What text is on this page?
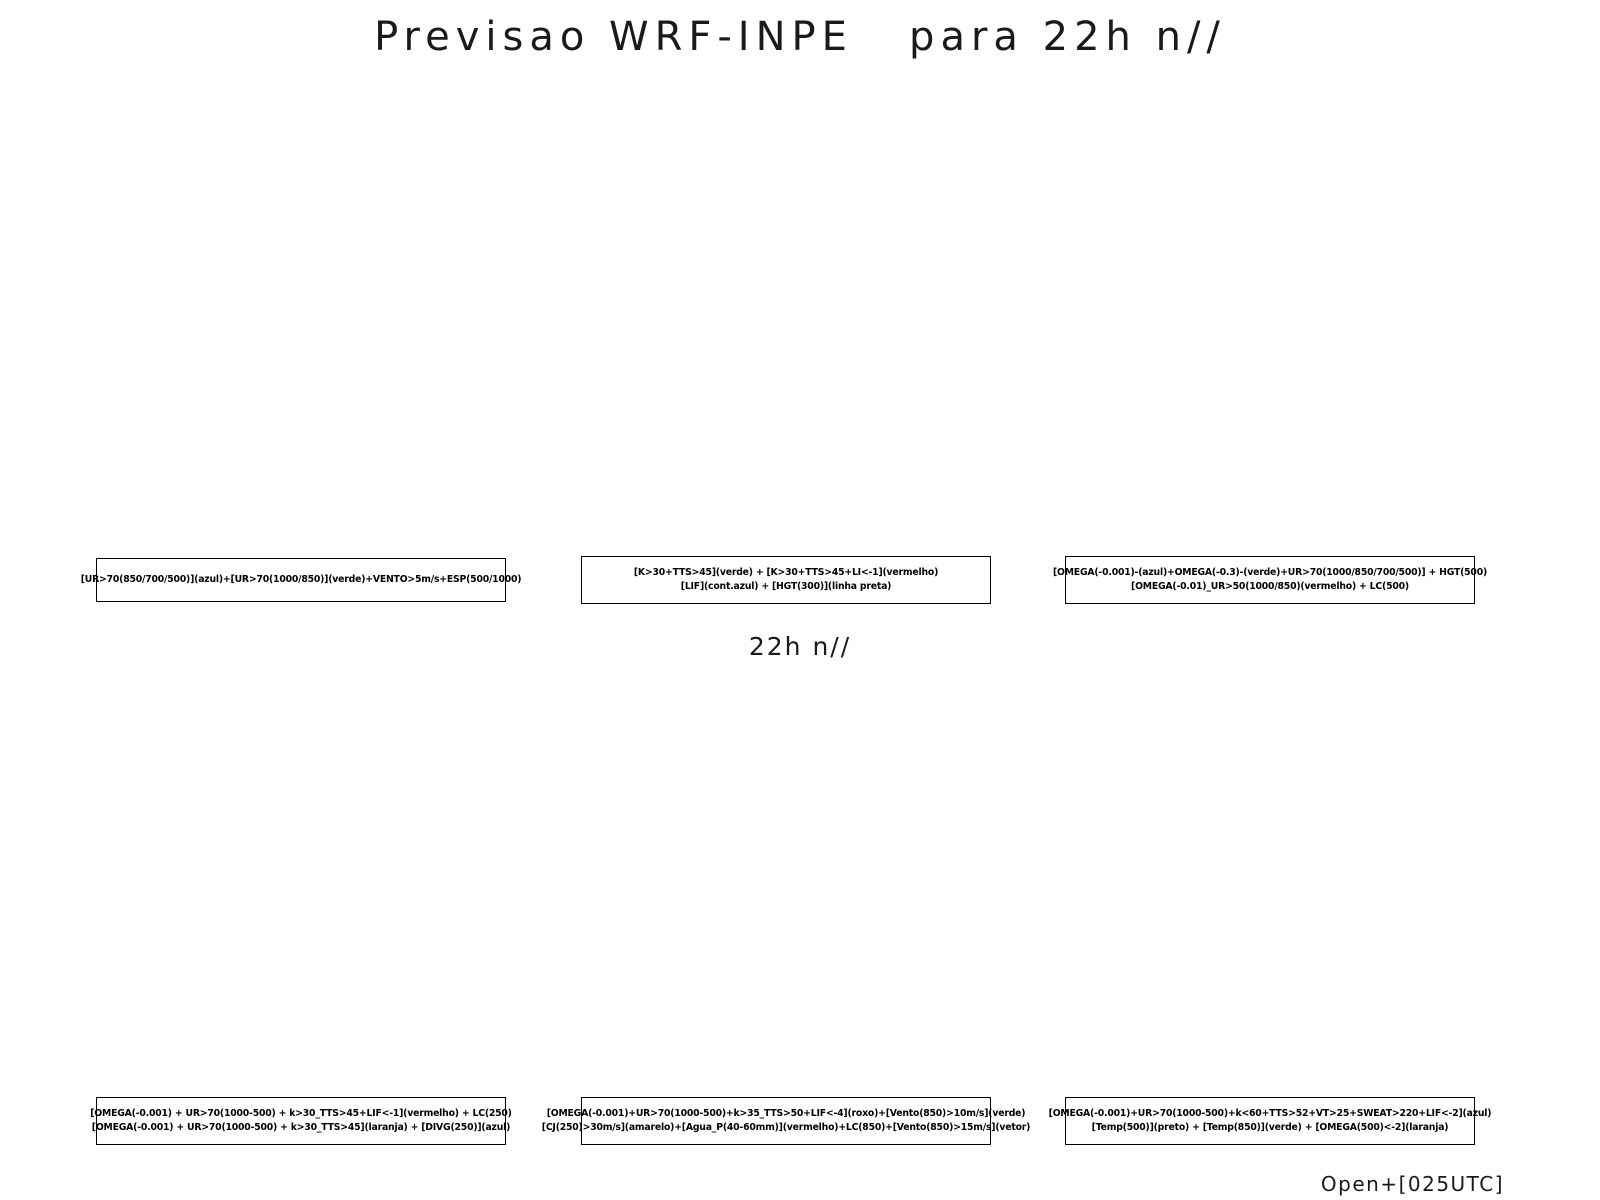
Previsao WRF-INPE   para 22h n//
22h n//
[UR>70(850/700/500)](azul)+[UR>70(1000/850)](verde)+VENTO>5m/s+ESP(500/1000)
[K>30+TTS>45](verde) + [K>30+TTS>45+LI<-1](vermelho)
[LIF](cont.azul) + [HGT(300)](linha preta)
[OMEGA(-0.001)-(azul)+OMEGA(-0.3)-(verde)+UR>70(1000/850/700/500)] + HGT(500)
[OMEGA(-0.01)_UR>50(1000/850)(vermelho) + LC(500)
[OMEGA(-0.001) + UR>70(1000-500) + k>30_TTS>45+LIF<-1](vermelho) + LC(250)
[OMEGA(-0.001) + UR>70(1000-500) + k>30_TTS>45](laranja) + [DIVG(250)](azul)
[OMEGA(-0.001)+UR>70(1000-500)+k>35_TTS>50+LIF<-4](roxo)+[Vento(850)>10m/s](verde)
[CJ(250)>30m/s](amarelo)+[Agua_P(40-60mm)](vermelho)+LC(850)+[Vento(850)>15m/s](vetor)
[OMEGA(-0.001)+UR>70(1000-500)+k<60+TTS>52+VT>25+SWEAT>220+LIF<-2](azul)
[Temp(500)](preto) + [Temp(850)](verde) + [OMEGA(500)<-2](laranja)
Open+[025UTC]
